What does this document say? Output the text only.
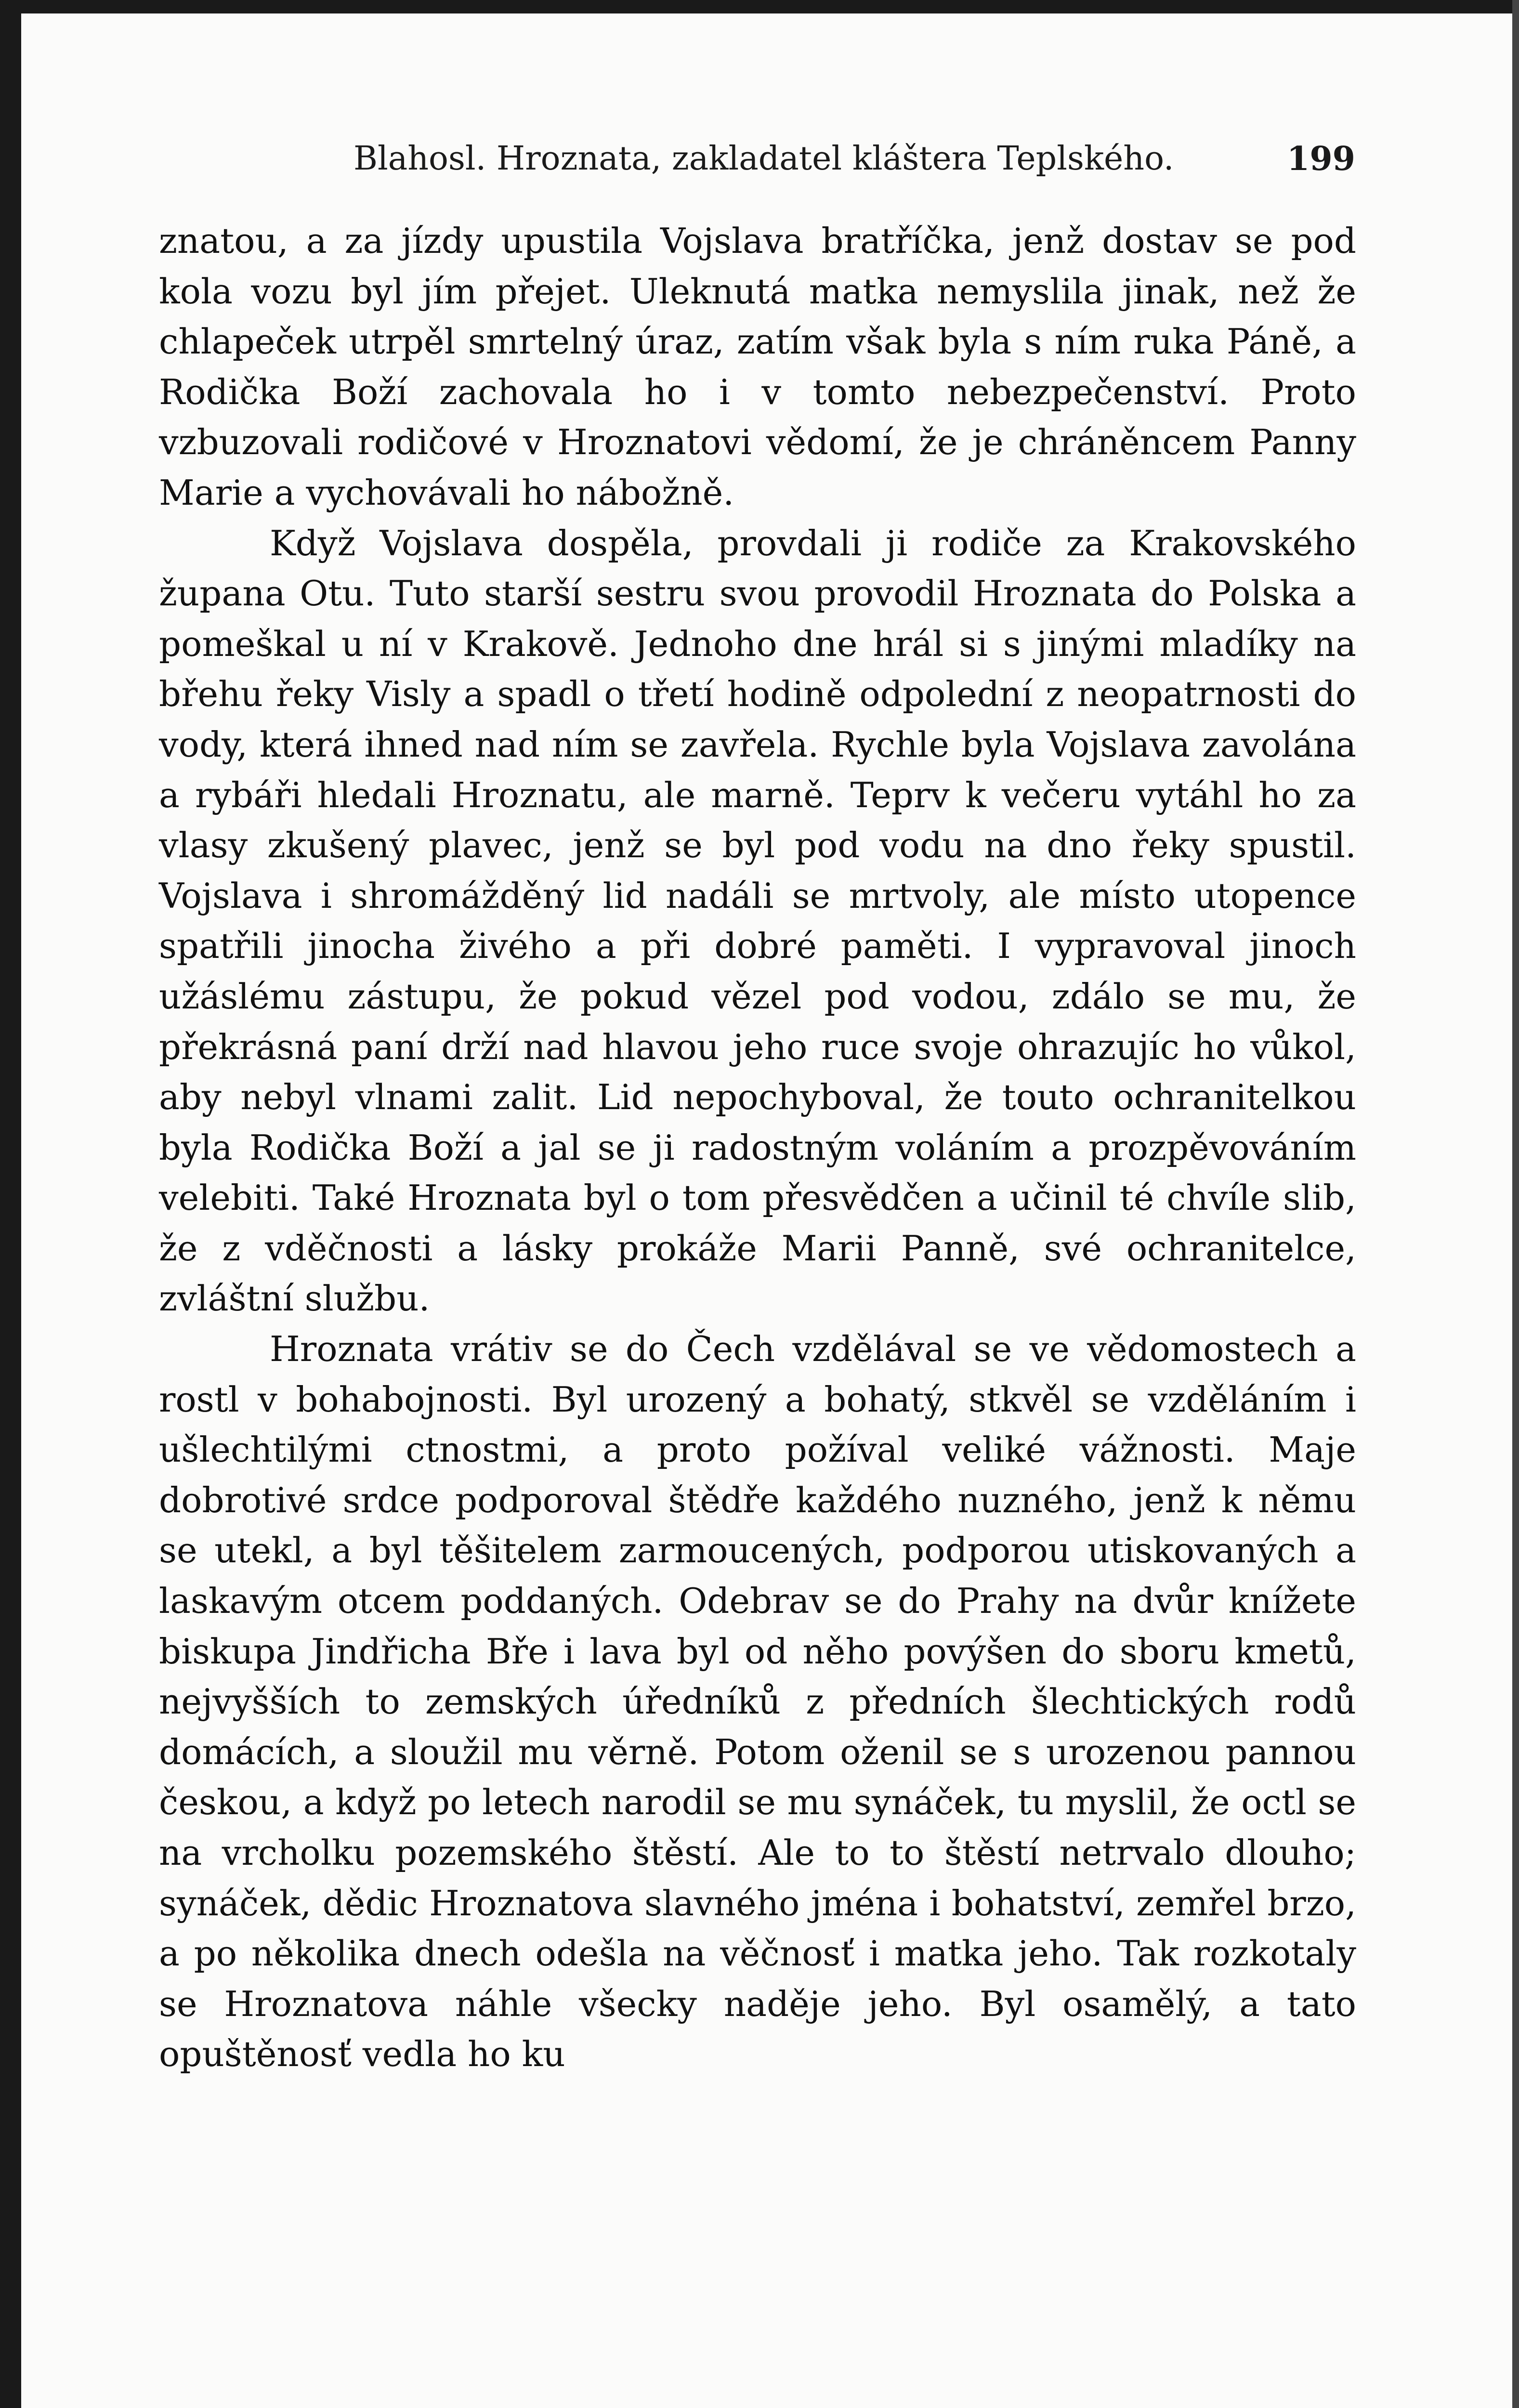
Blahosl. Hroznata, zakladatel kláštera Teplského.	199

znatou, a za jízdy upustila Vojslava bratříčka, jenž dostav se pod kola vozu byl jím přejet. Uleknutá matka nemyslila jinak, než že chlapeček utrpěl smrtelný úraz, zatím však byla s ním ruka Páně, a Rodička Boží zachovala ho i v tomto nebezpečenství. Proto vzbuzovali rodičové v Hroznatovi vědomí, že je chráněncem Panny Marie a vychovávali ho nábožně.

Když Vojslava dospěla, provdali ji rodiče za Krakovského župana Otu. Tuto starší sestru svou provodil Hroznata do Polska a pomeškal u ní v Krakově. Jednoho dne hrál si s jinými mladíky na břehu řeky Visly a spadl o třetí hodině odpolední z neopatrnosti do vody, která ihned nad ním se zavřela. Rychle byla Vojslava zavolána a rybáři hledali Hroznatu, ale marně. Teprv k večeru vytáhl ho za vlasy zkušený plavec, jenž se byl pod vodu na dno řeky spustil. Vojslava i shromážděný lid nadáli se mrtvoly, ale místo utopence spatřili jinocha živého a při dobré paměti. I vypravoval jinoch užáslému zástupu, že pokud vězel pod vodou, zdálo se mu, že překrásná paní drží nad hlavou jeho ruce svoje ohrazujíc ho vůkol, aby nebyl vlnami zalit. Lid nepochyboval, že touto ochranitelkou byla Rodička Boží a jal se ji radostným voláním a prozpěvováním velebiti. Také Hroznata byl o tom přesvědčen a učinil té chvíle slib, že z vděčnosti a lásky prokáže Marii Panně, své ochranitelce, zvláštní službu.

Hroznata vrátiv se do Čech vzdělával se ve vědomostech a rostl v bohabojnosti. Byl urozený a bohatý, stkvěl se vzděláním i ušlechtilými ctnostmi, a proto požíval veliké vážnosti. Maje dobrotivé srdce podporoval štědře každého nuzného, jenž k němu se utekl, a byl těšitelem zarmoucených, podporou utiskovaných a laskavým otcem poddaných. Odebrav se do Prahy na dvůr knížete biskupa Jindřicha Bře i lava byl od něho povýšen do sboru kmetů, nejvyšších to zemských úředníků z předních šlechtických rodů domácích, a sloužil mu věrně. Potom oženil se s urozenou pannou českou, a když po letech narodil se mu synáček, tu myslil, že octl se na vrcholku pozemského štěstí. Ale to to štěstí netrvalo dlouho; synáček, dědic Hroznatova slavného jména i bohatství, zemřel brzo, a po několika dnech odešla na věčnosť i matka jeho. Tak rozkotaly se Hroznatova náhle všecky naděje jeho. Byl osamělý, a tato opuštěnosť vedla ho ku
